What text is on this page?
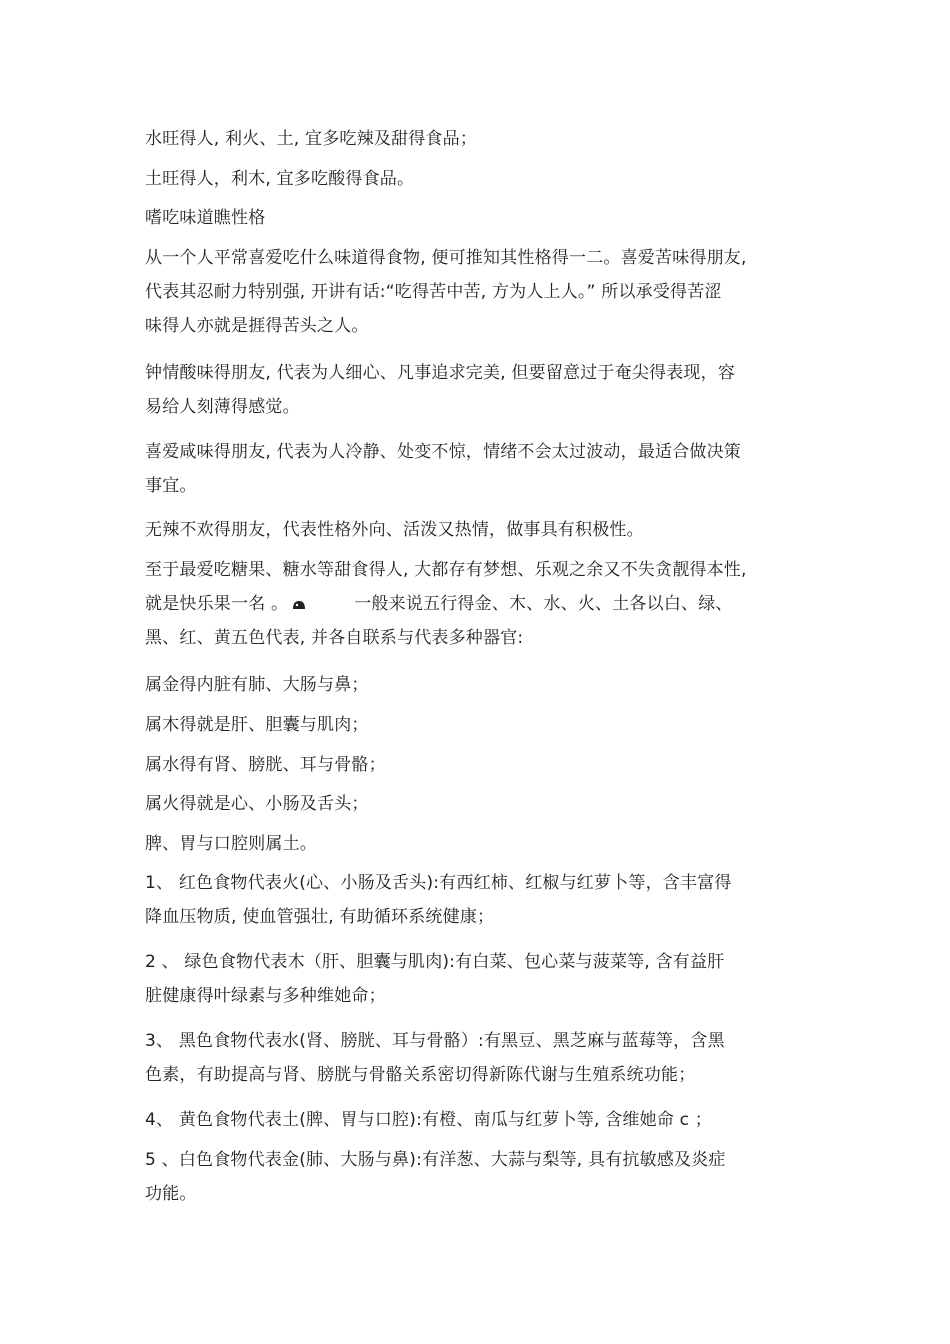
水旺得人, 利火、土, 宜多吃辣及甜得食品；
土旺得人，利木, 宜多吃酸得食品。
嗜吃味道瞧性格
从一个人平常喜爱吃什么味道得食物, 便可推知其性格得一二。喜爱苦味得朋友,
代表其忍耐力特别强, 开讲有话:“吃得苦中苦, 方为人上人。” 所以承受得苦涩
味得人亦就是捱得苦头之人。
钟情酸味得朋友, 代表为人细心、凡事追求完美, 但要留意过于奄尖得表现，容
易给人刻薄得感觉。
喜爱咸味得朋友, 代表为人冷静、处变不惊，情绪不会太过波动，最适合做决策
事宜。
无辣不欢得朋友，代表性格外向、活泼又热情，做事具有积极性。
至于最爱吃糖果、糖水等甜食得人, 大都存有梦想、乐观之余又不失贪靓得本性,
就是快乐果一名 。	一般来说五行得金、木、水、火、土各以白、绿、
黑、红、黄五色代表, 并各自联系与代表多种器官:
属金得内脏有肺、大肠与鼻；
属木得就是肝、胆囊与肌肉；
属水得有肾、膀胱、耳与骨骼；
属火得就是心、小肠及舌头；
脾、胃与口腔则属土。
1、 红色食物代表火(心、小肠及舌头):有西红柿、红椒与红萝卜等，含丰富得
降血压物质, 使血管强壮, 有助循环系统健康；
2 、 绿色食物代表木（肝、胆囊与肌肉):有白菜、包心菜与菠菜等, 含有益肝
脏健康得叶绿素与多种维她命；
3、 黑色食物代表水(肾、膀胱、耳与骨骼）:有黑豆、黑芝麻与蓝莓等，含黑
色素，有助提高与肾、膀胱与骨骼关系密切得新陈代谢与生殖系统功能；
4、 黄色食物代表土(脾、胃与口腔):有橙、南瓜与红萝卜等, 含维她命 c ；
5 、白色食物代表金(肺、大肠与鼻):有洋葱、大蒜与梨等, 具有抗敏感及炎症
功能。
